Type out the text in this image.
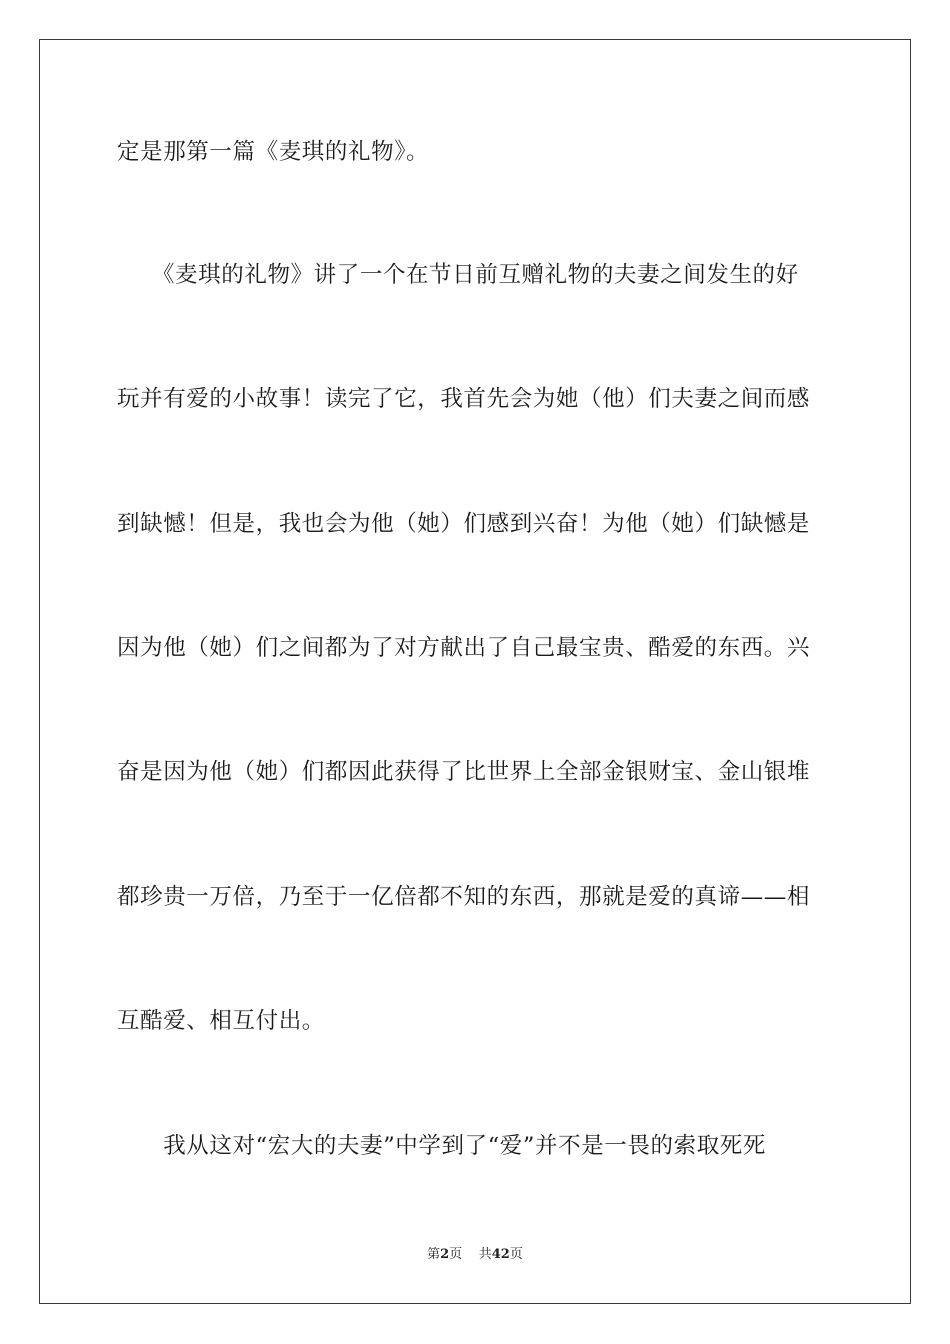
定是那第一篇《麦琪的礼物》。
　　《麦琪的礼物》讲了一个在节日前互赠礼物的夫妻之间发生的好
玩并有爱的小故事！读完了它，我首先会为她（他）们夫妻之间而感
到缺憾！但是，我也会为他（她）们感到兴奋！为他（她）们缺憾是
因为他（她）们之间都为了对方献出了自己最宝贵、酷爱的东西。兴
奋是因为他（她）们都因此获得了比世界上全部金银财宝、金山银堆
都珍贵一万倍，乃至于一亿倍都不知的东西，那就是爱的真谛——相
互酷爱、相互付出。
　　我从这对“宏大的夫妻”中学到了“爱”并不是一畏的索取死死
第2页 共42页
